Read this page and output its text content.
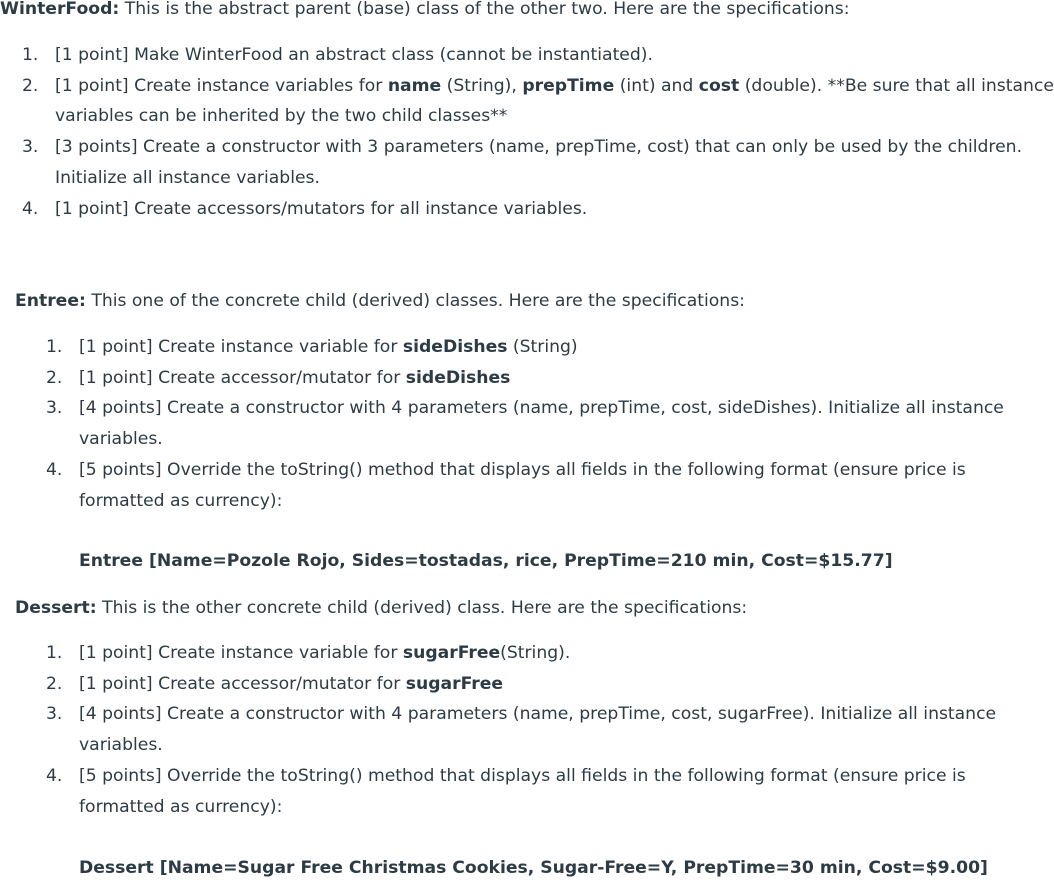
WinterFood: This is the abstract parent (base) class of the other two. Here are the specifications:

1. [1 point] Make WinterFood an abstract class (cannot be instantiated).
2. [1 point] Create instance variables for name (String), prepTime (int) and cost (double). **Be sure that all instance variables can be inherited by the two child classes**
3. [3 points] Create a constructor with 3 parameters (name, prepTime, cost) that can only be used by the children. Initialize all instance variables.
4. [1 point] Create accessors/mutators for all instance variables.

Entree: This one of the concrete child (derived) classes. Here are the specifications:

1. [1 point] Create instance variable for sideDishes (String)
2. [1 point] Create accessor/mutator for sideDishes
3. [4 points] Create a constructor with 4 parameters (name, prepTime, cost, sideDishes). Initialize all instance variables.
4. [5 points] Override the toString() method that displays all fields in the following format (ensure price is formatted as currency):

Entree [Name=Pozole Rojo, Sides=tostadas, rice, PrepTime=210 min, Cost=$15.77]

Dessert: This is the other concrete child (derived) class. Here are the specifications:

1. [1 point] Create instance variable for sugarFree(String).
2. [1 point] Create accessor/mutator for sugarFree
3. [4 points] Create a constructor with 4 parameters (name, prepTime, cost, sugarFree). Initialize all instance variables.
4. [5 points] Override the toString() method that displays all fields in the following format (ensure price is formatted as currency):

Dessert [Name=Sugar Free Christmas Cookies, Sugar-Free=Y, PrepTime=30 min, Cost=$9.00]
